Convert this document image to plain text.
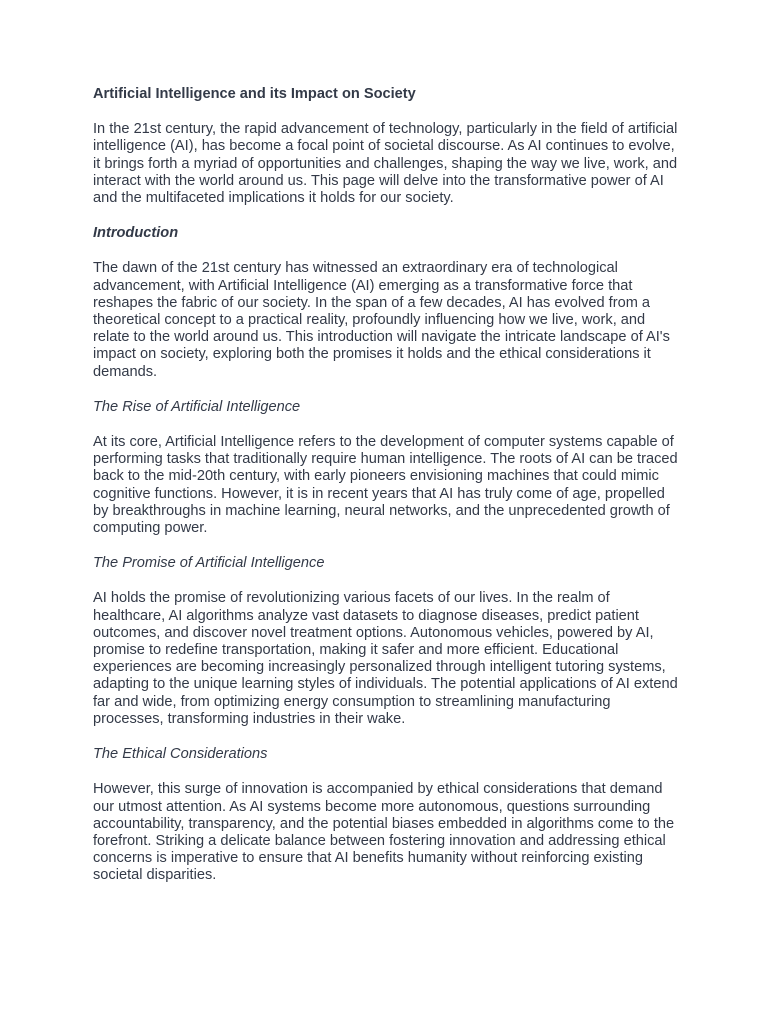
Artificial Intelligence and its Impact on Society

In the 21st century, the rapid advancement of technology, particularly in the field of artificial intelligence (AI), has become a focal point of societal discourse. As AI continues to evolve, it brings forth a myriad of opportunities and challenges, shaping the way we live, work, and interact with the world around us. This page will delve into the transformative power of AI and the multifaceted implications it holds for our society.

Introduction

The dawn of the 21st century has witnessed an extraordinary era of technological advancement, with Artificial Intelligence (AI) emerging as a transformative force that reshapes the fabric of our society. In the span of a few decades, AI has evolved from a theoretical concept to a practical reality, profoundly influencing how we live, work, and relate to the world around us. This introduction will navigate the intricate landscape of AI's impact on society, exploring both the promises it holds and the ethical considerations it demands.

The Rise of Artificial Intelligence

At its core, Artificial Intelligence refers to the development of computer systems capable of performing tasks that traditionally require human intelligence. The roots of AI can be traced back to the mid-20th century, with early pioneers envisioning machines that could mimic cognitive functions. However, it is in recent years that AI has truly come of age, propelled by breakthroughs in machine learning, neural networks, and the unprecedented growth of computing power.

The Promise of Artificial Intelligence

AI holds the promise of revolutionizing various facets of our lives. In the realm of healthcare, AI algorithms analyze vast datasets to diagnose diseases, predict patient outcomes, and discover novel treatment options. Autonomous vehicles, powered by AI, promise to redefine transportation, making it safer and more efficient. Educational experiences are becoming increasingly personalized through intelligent tutoring systems, adapting to the unique learning styles of individuals. The potential applications of AI extend far and wide, from optimizing energy consumption to streamlining manufacturing processes, transforming industries in their wake.

The Ethical Considerations

However, this surge of innovation is accompanied by ethical considerations that demand our utmost attention. As AI systems become more autonomous, questions surrounding accountability, transparency, and the potential biases embedded in algorithms come to the forefront. Striking a delicate balance between fostering innovation and addressing ethical concerns is imperative to ensure that AI benefits humanity without reinforcing existing societal disparities.
